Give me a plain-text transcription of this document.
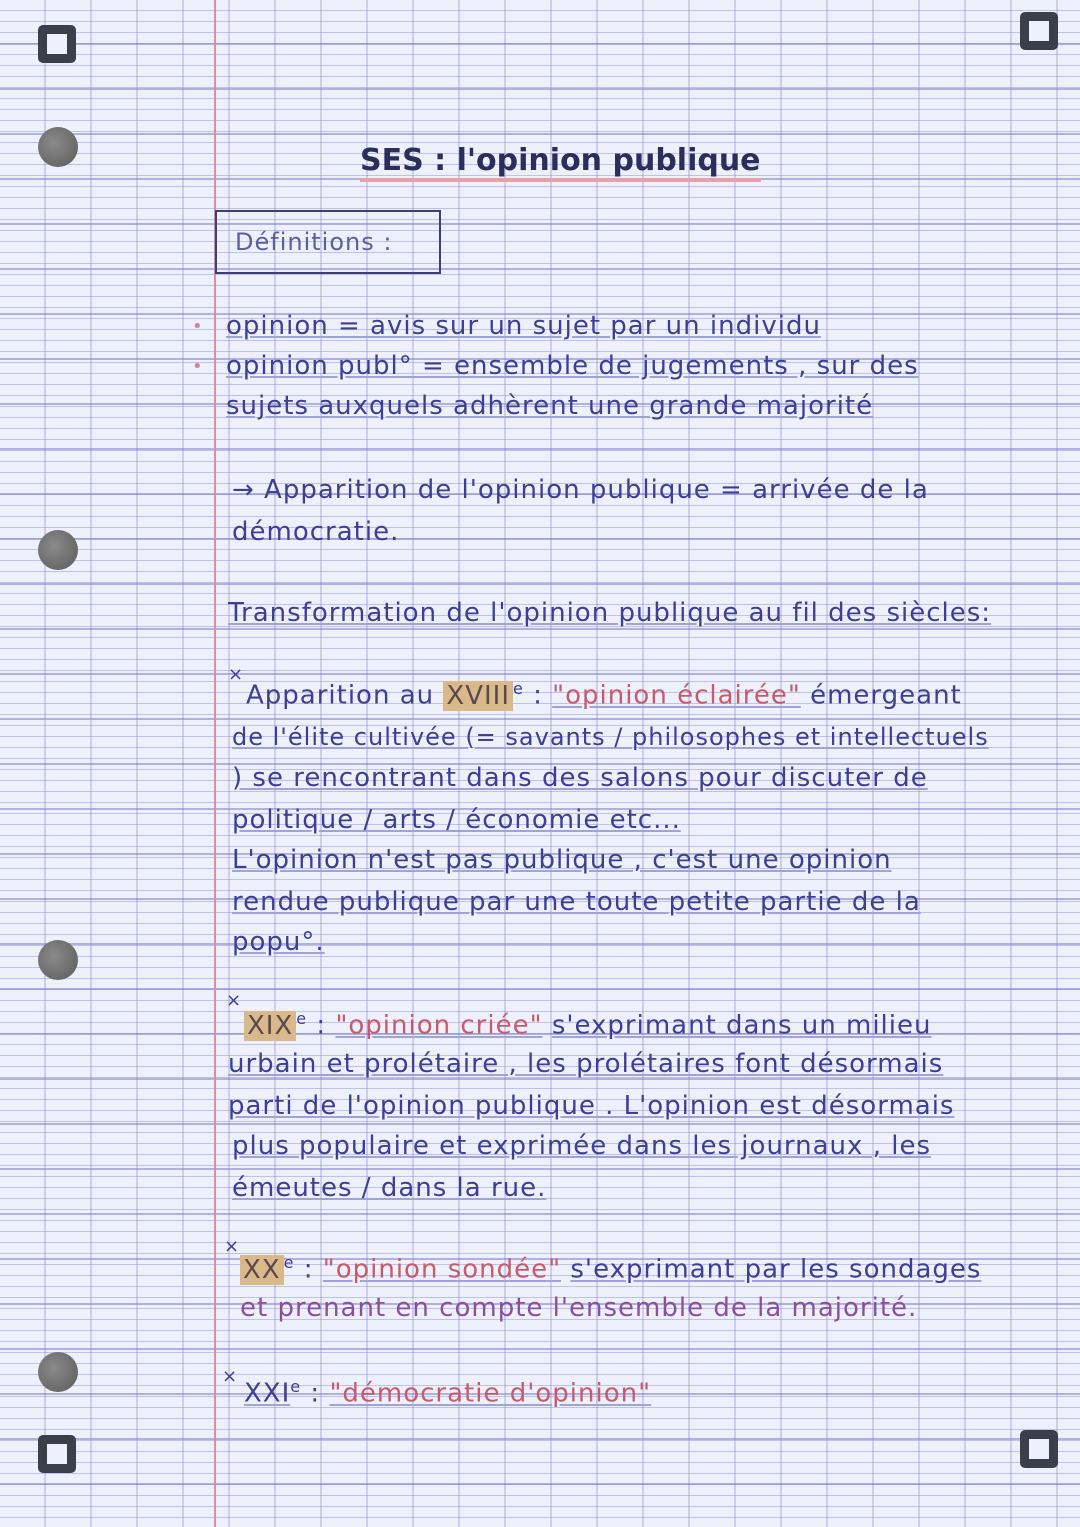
SES : l'opinion publique
Définitions :
•
•
opinion = avis sur un sujet par un individu
opinion publ° = ensemble de jugements , sur des
sujets auxquels adhèrent une grande majorité
→ Apparition de l'opinion publique = arrivée de la
démocratie.
Transformation de l'opinion publique au fil des siècles:
×
Apparition au XVIII $^e$ : "opinion éclairée" émergeant
de l'élite cultivée (= savants / philosophes et intellectuels
) se rencontrant dans des salons pour discuter de
politique / arts / économie etc...
L'opinion n'est pas publique , c'est une opinion
rendue publique par une toute petite partie de la
popu°.
×
XIX $^e$ : "opinion criée" s'exprimant dans un milieu
urbain et prolétaire , les prolétaires font désormais
parti de l'opinion publique . L'opinion est désormais
plus populaire et exprimée dans les journaux , les
émeutes / dans la rue.
×
XX $^e$ : "opinion sondée" s'exprimant par les sondages
et prenant en compte l'ensemble de la majorité.
×
$XXI^e$ : "démocratie d'opinion"
